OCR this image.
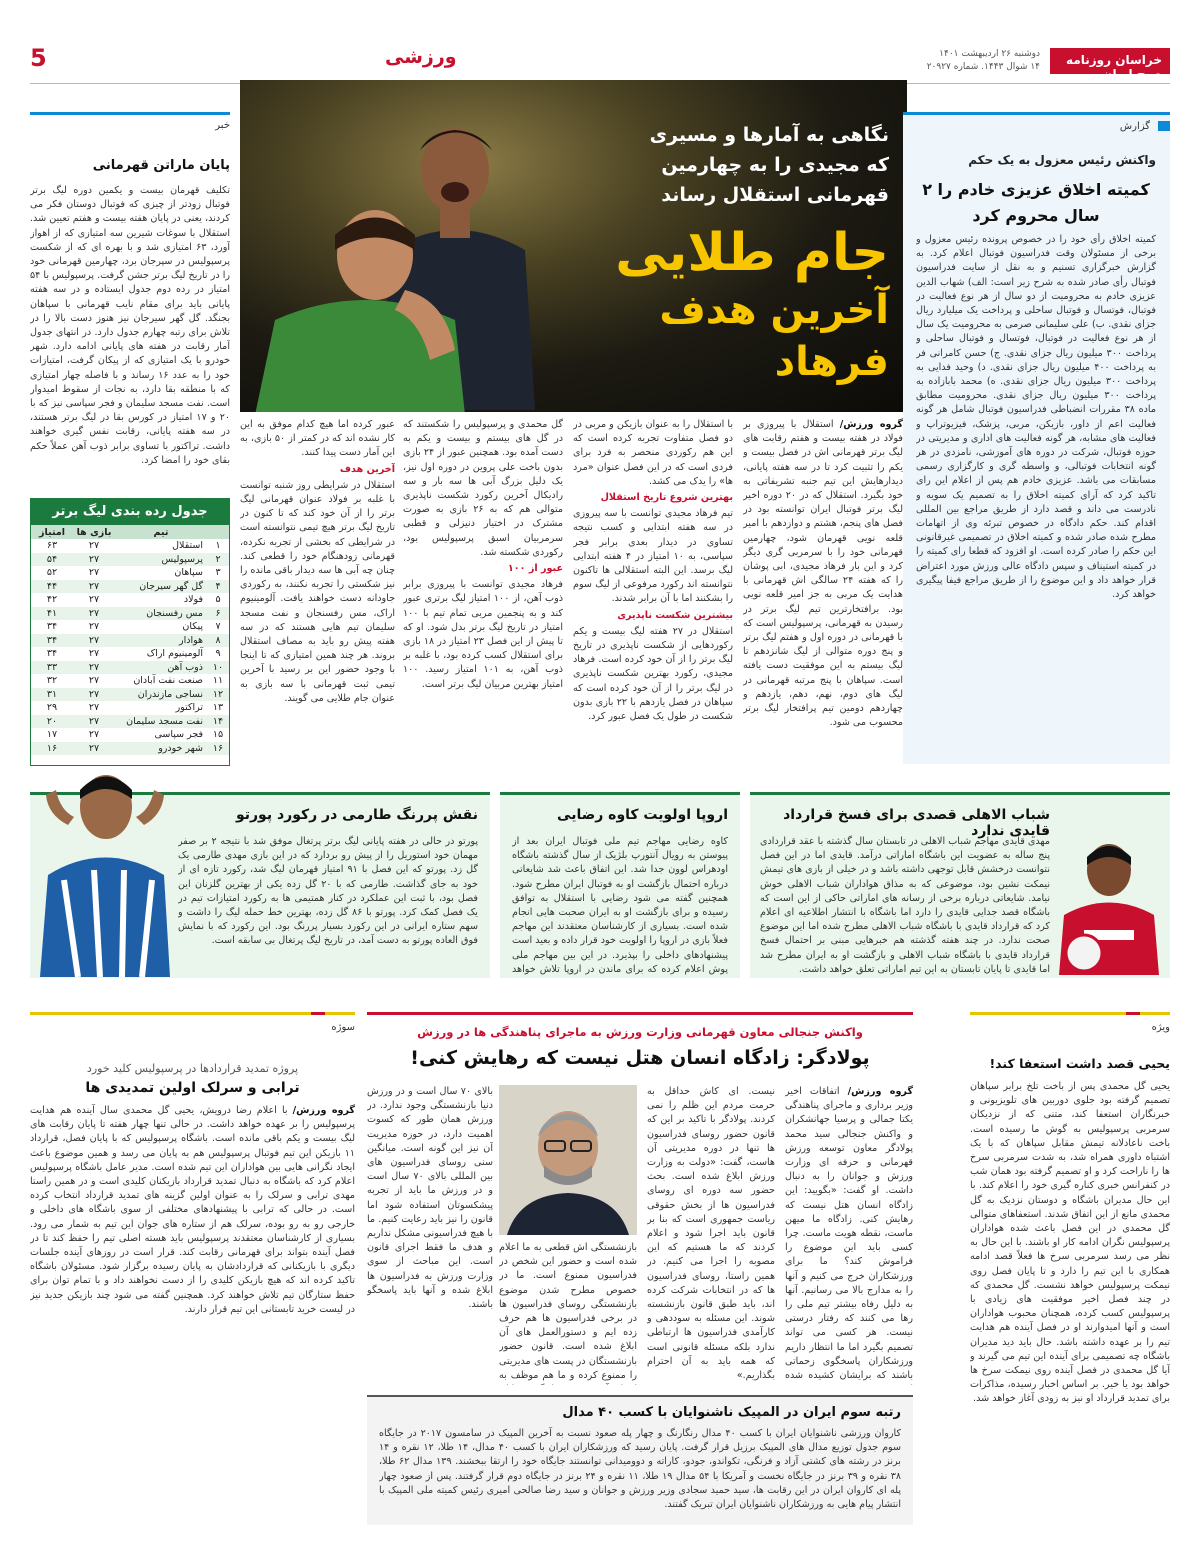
خراسان روزنامه صبح ایران
دوشنبه ۲۶ اردیبهشت ۱۴۰۱
۱۴ شوال ۱۴۴۳. شماره ۲۰۹۲۷
ورزشی
5
نگاهی به آمارها و مسیری
که مجیدی را به چهارمین
قهرمانی استقلال رساند
جام طلایی
آخرین هدف
فرهاد

گروه ورزش/ استقلال با پیروزی بر فولاد در هفته بیست و هفتم رقابت های لیگ برتر قهرمانی اش در فصل بیست و یکم را تثبیت کرد تا در سه هفته پایانی، دیدارهایش این تیم جنبه تشریفاتی به خود بگیرد. استقلال که در ۲۰ دوره اخیر لیگ برتر فوتبال ایران توانسته بود در فصل های پنجم، هشتم و دوازدهم با امیر قلعه نویی قهرمان شود، چهارمین قهرمانی خود را با سرمربی گری دیگر کرد و این بار فرهاد مجیدی، ابی پوشان را که هفته ۲۴ سالگی اش قهرمانی با هدایت یک مربی به جز امیر قلعه نویی بود. برافتخارترین تیم لیگ برتر در رسیدن به قهرمانی، پرسپولیس است که با قهرمانی در دوره اول و هفتم لیگ برتر و پنج دوره متوالی از لیگ شانزدهم تا لیگ بیستم به این موفقیت دست یافته است. سپاهان با پنج مرتبه قهرمانی در لیگ های دوم، نهم، دهم، یازدهم و چهاردهم دومین تیم پرافتخار لیگ برتر محسوب می شود.

با استقلال را به عنوان بازیکن و مربی در دو فصل متفاوت تجربه کرده است که این هم رکوردی منحصر به فرد برای فردی است که در این فصل عنوان «مرد ها» را یدک می کشد.

بهترین شروع تاریخ استقلال

تیم فرهاد مجیدی توانست با سه پیروزی در سه هفته ابتدایی و کسب نتیجه تساوی در دیدار بعدی برابر فجر سپاسی، به ۱۰ امتیاز در ۴ هفته ابتدایی لیگ برسد. این البته استقلالی ها تاکنون نتوانسته اند رکورد مرفوعی از لیگ سوم را بشکنند اما با آن برابر شدند.

بیشترین شکست ناپذیری

استقلال در ۲۷ هفته لیگ بیست و یکم رکوردهایی از شکست ناپذیری در تاریخ لیگ برتر را از آن خود کرده است. فرهاد مجیدی، رکورد بهترین شکست ناپذیری در لیگ برتر را از آن خود کرده است که سپاهان در فصل یازدهم با ۲۲ بازی بدون شکست در طول یک فصل عبور کرد.

گل محمدی و پرسپولیس را شکستند که در گل های بیستم و بیست و یکم به دست آمده بود. همچنین عبور از ۲۴ بازی بدون باخت علی پروین در دوره اول نیز، یک دلیل بزرگ آبی ها سه بار و سه رادیکال آخرین رکورد شکست ناپذیری متوالی هم که به ۲۶ بازی به صورت مشترک در اختیار دنیزلی و قطبی سرمربیان اسبق پرسپولیس بود، رکوردی شکسته شد.

عبور از ۱۰۰

فرهاد مجیدی توانست با پیروزی برابر ذوب آهن، از ۱۰۰ امتیاز لیگ برتری عبور کند و به پنجمین مربی تمام تیم با ۱۰۰ امتیاز در تاریخ لیگ برتر بدل شود. او که تا پیش از این فصل ۲۳ امتیاز در ۱۸ بازی برای استقلال کسب کرده بود، با غلبه بر ذوب آهن، به ۱۰۱ امتیاز رسید. ۱۰۰ امتیاز بهترین مربیان لیگ برتر است.

عبور کرده اما هیچ کدام موفق به این کار نشده اند که در کمتر از ۵۰ بازی، به این آمار دست پیدا کنند.

آخرین هدف

استقلال در شرایطی روز شنبه توانست با غلبه بر فولاد عنوان قهرمانی لیگ برتر را از آن خود کند که تا کنون در تاریخ لیگ برتر هیچ تیمی نتوانسته است در شرایطی که بخشی از تجربه نکرده، قهرمانی زودهنگام خود را قطعی کند. چنان چه آبی ها سه دیدار باقی مانده را نیز شکستی را تجربه نکنند، به رکوردی جاودانه دست خواهند یافت. آلومینیوم اراک، مس رفسنجان و نفت مسجد سلیمان تیم هایی هستند که در سه هفته پیش رو باید به مصاف استقلال بروند. هر چند همین امتیازی که تا اینجا با وجود حضور این بر رسید با آخرین تیمی ثبت قهرمانی با سه بازی به عنوان جام طلایی می گویند.

گزارش
واکنش رئیس معزول به یک حکم
کمیته اخلاق عزیزی خادم را ۲ سال محروم کرد
کمیته اخلاق رأی خود را در خصوص پرونده رئیس معزول و برخی از مسئولان وقت فدراسیون فوتبال اعلام کرد. به گزارش خبرگزاری تسنیم و به نقل از سایت فدراسیون فوتبال رأی صادر شده به شرح زیر است: الف) شهاب الدین عزیزی خادم به محرومیت از دو سال از هر نوع فعالیت در فوتبال، فوتسال و فوتبال ساحلی و پرداخت یک میلیارد ریال جزای نقدی. ب) علی سلیمانی صرمی به محرومیت یک سال از هر نوع فعالیت در فوتبال، فوتسال و فوتبال ساحلی و پرداخت ۳۰۰ میلیون ریال جزای نقدی. ج) حسن کامرانی فر به پرداخت ۴۰۰ میلیون ریال جزای نقدی. د) وحید فدایی به پرداخت ۳۰۰ میلیون ریال جزای نقدی. ه) محمد بابازاده به پرداخت ۳۰۰ میلیون ریال جزای نقدی. محرومیت مطابق ماده ۳۸ مقررات انضباطی فدراسیون فوتبال شامل هر گونه فعالیت اعم از داور، بازیکن، مربی، پزشک، فیزیوتراپ و فعالیت های مشابه، هر گونه فعالیت های اداری و مدیریتی در حوزه فوتبال، شرکت در دوره های آموزشی، نامزدی در هر گونه انتخابات فوتبالی، و واسطه گری و کارگزاری رسمی مسابقات می باشد. عزیزی خادم هم پس از اعلام این رای تاکید کرد که آرای کمیته اخلاق را به تصمیم یک سویه و نادرست می داند و قصد دارد از طریق مراجع بین المللی اقدام کند. حکم دادگاه در خصوص تبرئه وی از اتهامات مطرح شده صادر شده و کمیته اخلاق در تصمیمی غیرقانونی این حکم را صادر کرده است. او افزود که قطعا رای کمیته را در کمیته استیناف و سپس دادگاه عالی ورزش مورد اعتراض قرار خواهد داد و این موضوع را از طریق مراجع فیفا پیگیری خواهد کرد.
خبر
پایان ماراتن قهرمانی
تکلیف قهرمان بیست و یکمین دوره لیگ برتر فوتبال زودتر از چیزی که فوتبال دوستان فکر می کردند، یعنی در پایان هفته بیست و هفتم تعیین شد. استقلال با سوغات شیرین سه امتیازی که از اهواز آورد، ۶۳ امتیازی شد و با بهره ای که از شکست پرسپولیس در سپرجان برد، چهارمین قهرمانی خود را در تاریخ لیگ برتر جشن گرفت. پرسپولیس با ۵۴ امتیاز در رده دوم جدول ایستاده و در سه هفته پایانی باید برای مقام نایب قهرمانی با سپاهان بجنگد. گل گهر سیرجان نیز هنوز دست بالا را در تلاش برای رتبه چهارم جدول دارد. در انتهای جدول آمار رقابت در هفته های پایانی ادامه دارد. شهر خودرو با یک امتیازی که از پیکان گرفت، امتیازات خود را به عدد ۱۶ رساند و با فاصله چهار امتیازی که با منطقه بقا دارد، به نجات از سقوط امیدوار است. نفت مسجد سلیمان و فجر سپاسی نیز که با ۲۰ و ۱۷ امتیاز در کورس بقا در لیگ برتر هستند، در سه هفته پایانی، رقابت نفس گیری خواهند داشت. تراکتور با تساوی برابر ذوب آهن عملاً حکم بقای خود را امضا کرد.
جدول رده بندی لیگ برتر
	تیم	بازی ها	امتیاز
۱	استقلال	۲۷	۶۳
۲	پرسپولیس	۲۷	۵۴
۳	سپاهان	۲۷	۵۲
۴	گل گهر سیرجان	۲۷	۴۴
۵	فولاد	۲۷	۴۲
۶	مس رفسنجان	۲۷	۴۱
۷	پیکان	۲۷	۳۴
۸	هوادار	۲۷	۳۴
۹	آلومینیوم اراک	۲۷	۳۴
۱۰	ذوب آهن	۲۷	۳۳
۱۱	صنعت نفت آبادان	۲۷	۳۲
۱۲	نساجی مازندران	۲۷	۳۱
۱۳	تراکتور	۲۷	۲۹
۱۴	نفت مسجد سلیمان	۲۷	۲۰
۱۵	فجر سپاسی	۲۷	۱۷
۱۶	شهر خودرو	۲۷	۱۶
شباب الاهلی قصدی برای فسخ قرارداد قایدی ندارد
مهدی قایدی مهاجم شباب الاهلی در تابستان سال گذشته با عقد قراردادی پنج ساله به عضویت این باشگاه اماراتی درآمد. قایدی اما در این فصل نتوانست درخشش قابل توجهی داشته باشد و در خیلی از بازی های تیمش نیمکت نشین بود، موضوعی که به مذاق هواداران شباب الاهلی خوش نیامد. شایعاتی درباره برخی از رسانه های اماراتی حاکی از این است که باشگاه قصد جدایی قایدی را دارد اما باشگاه با انتشار اطلاعیه ای اعلام کرد که قرارداد قایدی با باشگاه شباب الاهلی مطرح شده اما این موضوع صحت ندارد. در چند هفته گذشته هم خبرهایی مبنی بر احتمال فسخ قرارداد قایدی با باشگاه شباب الاهلی و بازگشت او به ایران مطرح شد اما قایدی تا پایان تابستان به این تیم اماراتی تعلق خواهد داشت.
اروپا اولویت کاوه رضایی
کاوه رضایی مهاجم تیم ملی فوتبال ایران بعد از پیوستن به رویال آنتورپ بلژیک از سال گذشته باشگاه اودهراس لوون جدا شد. این اتفاق باعث شد شایعاتی درباره احتمال بازگشت او به فوتبال ایران مطرح شود. همچنین گفته می شود رضایی با استقلال به توافق رسیده و برای بازگشت او به ایران صحبت هایی انجام شده است. بسیاری از کارشناسان معتقدند این مهاجم فعلاً بازی در اروپا را اولویت خود قرار داده و بعید است پیشنهادهای داخلی را بپذیرد. در این بین مهاجم ملی پوش اعلام کرده که برای ماندن در اروپا تلاش خواهد
نقش پررنگ طارمی در رکورد پورتو
پورتو در حالی در هفته پایانی لیگ برتر پرتغال موفق شد با نتیجه ۲ بر صفر مهمان خود استوریل را از پیش رو بردارد که در این بازی مهدی طارمی یک گل زد. پورتو که این فصل با ۹۱ امتیاز قهرمان لیگ شد، رکورد تازه ای از خود به جای گذاشت. طارمی که با ۲۰ گل زده یکی از بهترین گلزنان این فصل بود، با ثبت این عملکرد در کنار همتیمی ها به رکورد امتیازات تیم در یک فصل کمک کرد. پورتو با ۸۶ گل زده، بهترین خط حمله لیگ را داشت و سهم ستاره ایرانی در این رکورد بسیار پررنگ بود. این رکورد که با نمایش فوق العاده پورتو به دست آمد، در تاریخ لیگ پرتغال بی سابقه است.
ویژه
یحیی قصد داشت استعفا کند!
یحیی گل محمدی پس از باخت تلخ برابر سپاهان تصمیم گرفته بود جلوی دوربین های تلویزیونی و خبرنگاران استعفا کند، متنی که از نزدیکان سرمربی پرسپولیس به گوش ما رسیده است. باخت ناعادلانه تیمش مقابل سپاهان که با یک اشتباه داوری همراه شد، به شدت سرمربی سرخ ها را ناراحت کرد و او تصمیم گرفته بود همان شب در کنفرانس خبری کناره گیری خود را اعلام کند. با این حال مدیران باشگاه و دوستان نزدیک به گل محمدی مانع از این اتفاق شدند. استعفاهای متوالی گل محمدی در این فصل باعث شده هواداران پرسپولیس نگران ادامه کار او باشند. با این حال به نظر می رسد سرمربی سرخ ها فعلاً قصد ادامه همکاری با این تیم را دارد و تا پایان فصل روی نیمکت پرسپولیس خواهد نشست. گل محمدی که در چند فصل اخیر موفقیت های زیادی با پرسپولیس کسب کرده، همچنان محبوب هواداران است و آنها امیدوارند او در فصل آینده هم هدایت تیم را بر عهده داشته باشد. حال باید دید مدیران باشگاه چه تصمیمی برای آینده این تیم می گیرند و آیا گل محمدی در فصل آینده روی نیمکت سرخ ها خواهد بود یا خیر. بر اساس اخبار رسیده، مذاکرات برای تمدید قرارداد او نیز به زودی آغاز خواهد شد.
سوژه
پروژه تمدید قراردادها در پرسپولیس کلید خورد
ترابی و سرلک اولین تمدیدی ها
گروه ورزش/ با اعلام رضا درویش، یحیی گل محمدی سال آینده هم هدایت پرسپولیس را بر عهده خواهد داشت. در حالی تنها چهار هفته تا پایان رقابت های لیگ بیست و یکم باقی مانده است. باشگاه پرسپولیس که با پایان فصل، قرارداد ۱۱ بازیکن این تیم فوتبال پرسپولیس هم به پایان می رسد و همین موضوع باعث ایجاد نگرانی هایی بین هواداران این تیم شده است. مدیر عامل باشگاه پرسپولیس اعلام کرد که باشگاه به دنبال تمدید قرارداد بازیکنان کلیدی است و در همین راستا مهدی ترابی و سرلک را به عنوان اولین گزینه های تمدید قرارداد انتخاب کرده است. در حالی که ترابی با پیشنهادهای مختلفی از سوی باشگاه های داخلی و خارجی رو به رو بوده، سرلک هم از ستاره های جوان این تیم به شمار می رود. بسیاری از کارشناسان معتقدند پرسپولیس باید هسته اصلی تیم را حفظ کند تا در فصل آینده بتواند برای قهرمانی رقابت کند. قرار است در روزهای آینده جلسات دیگری با بازیکنانی که قراردادشان به پایان رسیده برگزار شود. مسئولان باشگاه تاکید کرده اند که هیچ بازیکن کلیدی را از دست نخواهند داد و با تمام توان برای حفظ ستارگان تیم تلاش خواهند کرد. همچنین گفته می شود چند بازیکن جدید نیز در لیست خرید تابستانی این تیم قرار دارند.
واکنش جنجالی معاون قهرمانی وزارت ورزش به ماجرای پناهندگی ها در ورزش
پولادگر: زادگاه انسان هتل نیست که رهایش کنی!
گروه ورزش/ اتفاقات اخیر وزیر برداری و ماجرای پناهندگی یکتا جمالی و پرسیا جهانشکران و واکنش جنجالی سید محمد پولادگر معاون توسعه ورزش قهرمانی و حرفه ای وزارت ورزش و جوانان را به دنبال داشت. او گفت: «بگویید: این زادگاه انسان هتل نیست که رهایش کنی. زادگاه ما میهن ماست، نقطه هویت ماست. چرا کسی باید این موضوع را فراموش کند؟ ما برای ورزشکاران خرج می کنیم و آنها را به مدارج بالا می رسانیم. آنها به دلیل رفاه بیشتر تیم ملی را رها می کنند که رفتار درستی نیست. هر کسی می تواند تصمیم بگیرد اما ما انتظار داریم ورزشکاران پاسخگوی زحماتی باشند که برایشان کشیده شده
نیست. ای کاش حداقل به حرمت مردم این ظلم را نمی کردند. پولادگر با تاکید بر این که قانون حضور روسای فدراسیون ها تنها در دوره مدیریتی آن هاست، گفت: «دولت به وزارت ورزش ابلاغ شده است. بحث حضور سه دوره ای روسای فدراسیون ها از بخش حقوقی ریاست جمهوری است که بنا بر قانون باید اجرا شود و اعلام کردند که ما هستیم که این مصوبه را اجرا می کنیم. در همین راستا، روسای فدراسیون ها که در انتخابات شرکت کرده اند، باید طبق قانون بازنشسته شوند. این مسئله به سوددهی و کارآمدی فدراسیون ها ارتباطی ندارد بلکه مسئله قانونی است که همه باید به آن احترام بگذاریم.»
بازنشستگی اش قطعی به ما اعلام شده است و حضور این شخص در فدراسیون ممنوع است. ما در خصوص مطرح شدن موضوع بازنشستگی روسای فدراسیون ها در برخی فدراسیون ها هم حرف زده ایم و دستورالعمل های آن ابلاغ شده است. قانون حضور بازنشستگان در پست های مدیریتی را ممنوع کرده و ما هم موظف به
بالای ۷۰ سال است و در ورزش دنیا بازنشستگی وجود ندارد. در ورزش همان طور که کسوت اهمیت دارد، در حوزه مدیریت آن نیز این گونه است. میانگین سنی روسای فدراسیون های بین المللی بالای ۷۰ سال است و در ورزش ما باید از تجربه پیشکسوتان استفاده شود اما قانون را نیز باید رعایت کنیم. ما با هیچ فدراسیونی مشکل نداریم و هدف ما فقط اجرای قانون است. این مباحث از سوی وزارت ورزش به فدراسیون ها ابلاغ شده و آنها باید پاسخگو باشند.
رتبه سوم ایران در المپیک ناشنوایان با کسب ۴۰ مدال
کاروان ورزشی ناشنوایان ایران با کسب ۴۰ مدال رنگارنگ و چهار پله صعود نسبت به آخرین المپیک در سامسون ۲۰۱۷ در جایگاه سوم جدول توزیع مدال های المپیک برزیل قرار گرفت. پایان رسید که ورزشکاران ایران با کسب ۴۰ مدال، ۱۴ طلا، ۱۲ نقره و ۱۴ برنز در رشته های کشتی آزاد و فرنگی، تکواندو، جودو، کاراته و دوومیدانی توانستند جایگاه خود را ارتقا ببخشند. ۱۳۹ مدال ۶۲ طلا، ۳۸ نقره و ۳۹ برنز در جایگاه نخست و آمریکا با ۵۴ مدال ۱۹ طلا، ۱۱ نقره و ۲۴ برنز در جایگاه دوم قرار گرفتند. پس از صعود چهار پله ای کاروان ایران در این رقابت ها، سید حمید سجادی وزیر ورزش و جوانان و سید رضا صالحی امیری رئیس کمیته ملی المپیک با انتشار پیام هایی به ورزشکاران ناشنوایان ایران تبریک گفتند.
